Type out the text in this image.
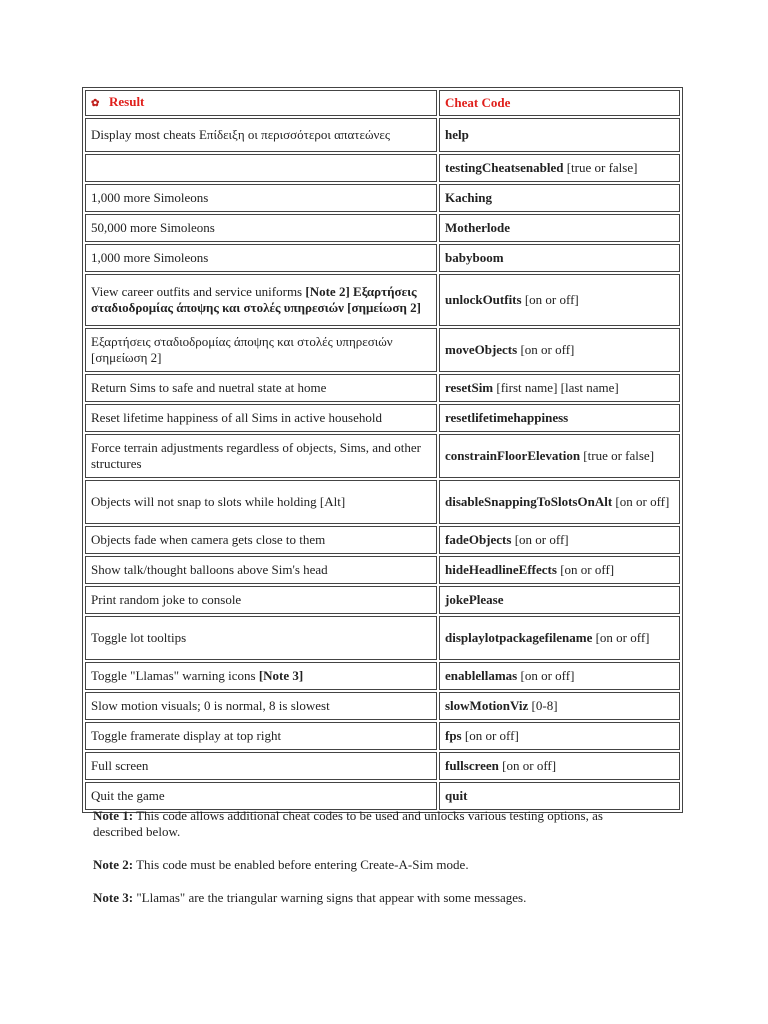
✿ Result	Cheat Code
Display most cheats Επίδειξη οι περισσότεροι απατεώνες	help
	testingCheatsenabled [true or false]
1,000 more Simoleons	Kaching
50,000 more Simoleons	Motherlode
1,000 more Simoleons	babyboom
View career outfits and service uniforms [Note 2] Εξαρτήσεις σταδιοδρομίας άποψης και στολές υπηρεσιών [σημείωση 2]	unlockOutfits [on or off]
Εξαρτήσεις σταδιοδρομίας άποψης και στολές υπηρεσιών [σημείωση 2]	moveObjects [on or off]
Return Sims to safe and nuetral state at home	resetSim [first name] [last name]
Reset lifetime happiness of all Sims in active household	resetlifetimehappiness
Force terrain adjustments regardless of objects, Sims, and other structures	constrainFloorElevation [true or false]
Objects will not snap to slots while holding [Alt]	disableSnappingToSlotsOnAlt [on or off]
Objects fade when camera gets close to them	fadeObjects [on or off]
Show talk/thought balloons above Sim's head	hideHeadlineEffects [on or off]
Print random joke to console	jokePlease
Toggle lot tooltips	displaylotpackagefilename [on or off]
Toggle "Llamas" warning icons [Note 3]	enablellamas [on or off]
Slow motion visuals; 0 is normal, 8 is slowest	slowMotionViz [0-8]
Toggle framerate display at top right	fps [on or off]
Full screen	fullscreen [on or off]
Quit the game	quit

Note 1: This code allows additional cheat codes to be used and unlocks various testing options, as described below.

Note 2: This code must be enabled before entering Create-A-Sim mode.

Note 3: "Llamas" are the triangular warning signs that appear with some messages.
